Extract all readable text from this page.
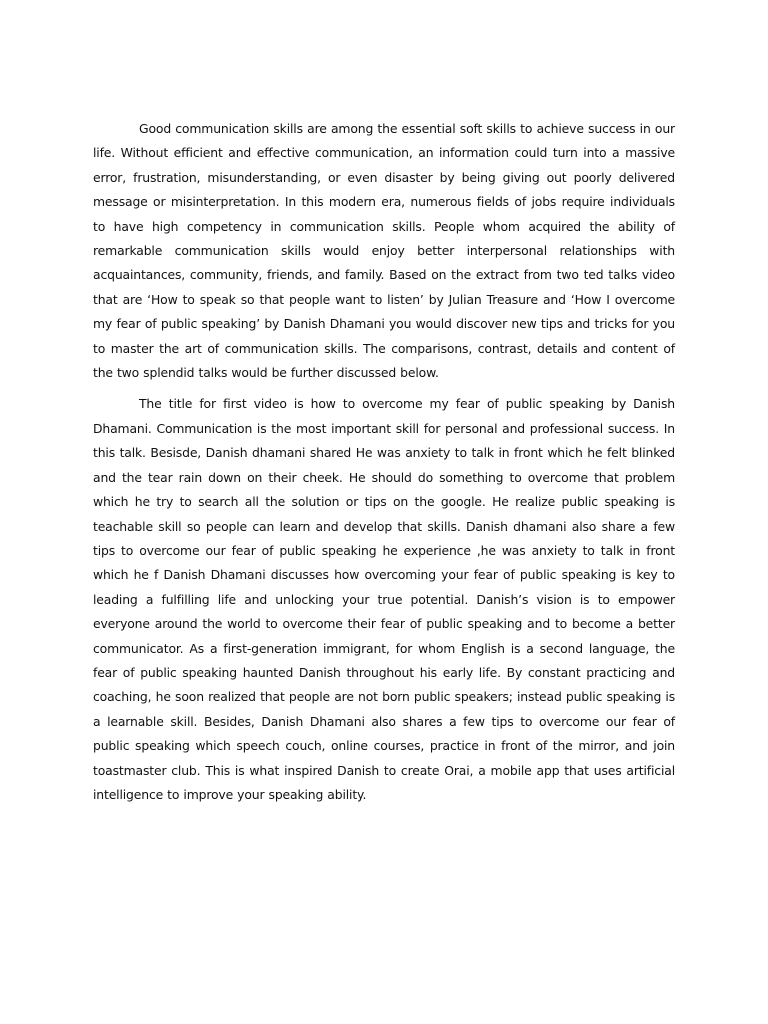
Good communication skills are among the essential soft skills to achieve success in our life. Without efficient and effective communication, an information could turn into a massive error, frustration, misunderstanding, or even disaster by being giving out poorly delivered message or misinterpretation. In this modern era, numerous fields of jobs require individuals to have high competency in communication skills. People whom acquired the ability of remarkable communication skills would enjoy better interpersonal relationships with acquaintances, community, friends, and family. Based on the extract from two ted talks video that are ‘How to speak so that people want to listen’ by Julian Treasure and ‘How I overcome my fear of public speaking’ by Danish Dhamani you would discover new tips and tricks for you to master the art of communication skills. The comparisons, contrast, details and content of the two splendid talks would be further discussed below.

The title for first video is how to overcome my fear of public speaking by Danish Dhamani. Communication is the most important skill for personal and professional success. In this talk. Besisde, Danish dhamani shared He was anxiety to talk in front which he felt blinked and the tear rain down on their cheek. He should do something to overcome that problem which he try to search all the solution or tips on the google. He realize public speaking is teachable skill so people can learn and develop that skills. Danish dhamani also share a few tips to overcome our fear of public speaking he experience ,he was anxiety to talk in front which he f Danish Dhamani discusses how overcoming your fear of public speaking is key to leading a fulfilling life and unlocking your true potential. Danish’s vision is to empower everyone around the world to overcome their fear of public speaking and to become a better communicator. As a first-generation immigrant, for whom English is a second language, the fear of public speaking haunted Danish throughout his early life. By constant practicing and coaching, he soon realized that people are not born public speakers; instead public speaking is a learnable skill. Besides, Danish Dhamani also shares a few tips to overcome our fear of public speaking which speech couch, online courses, practice in front of the mirror, and join toastmaster club. This is what inspired Danish to create Orai, a mobile app that uses artificial intelligence to improve your speaking ability.
